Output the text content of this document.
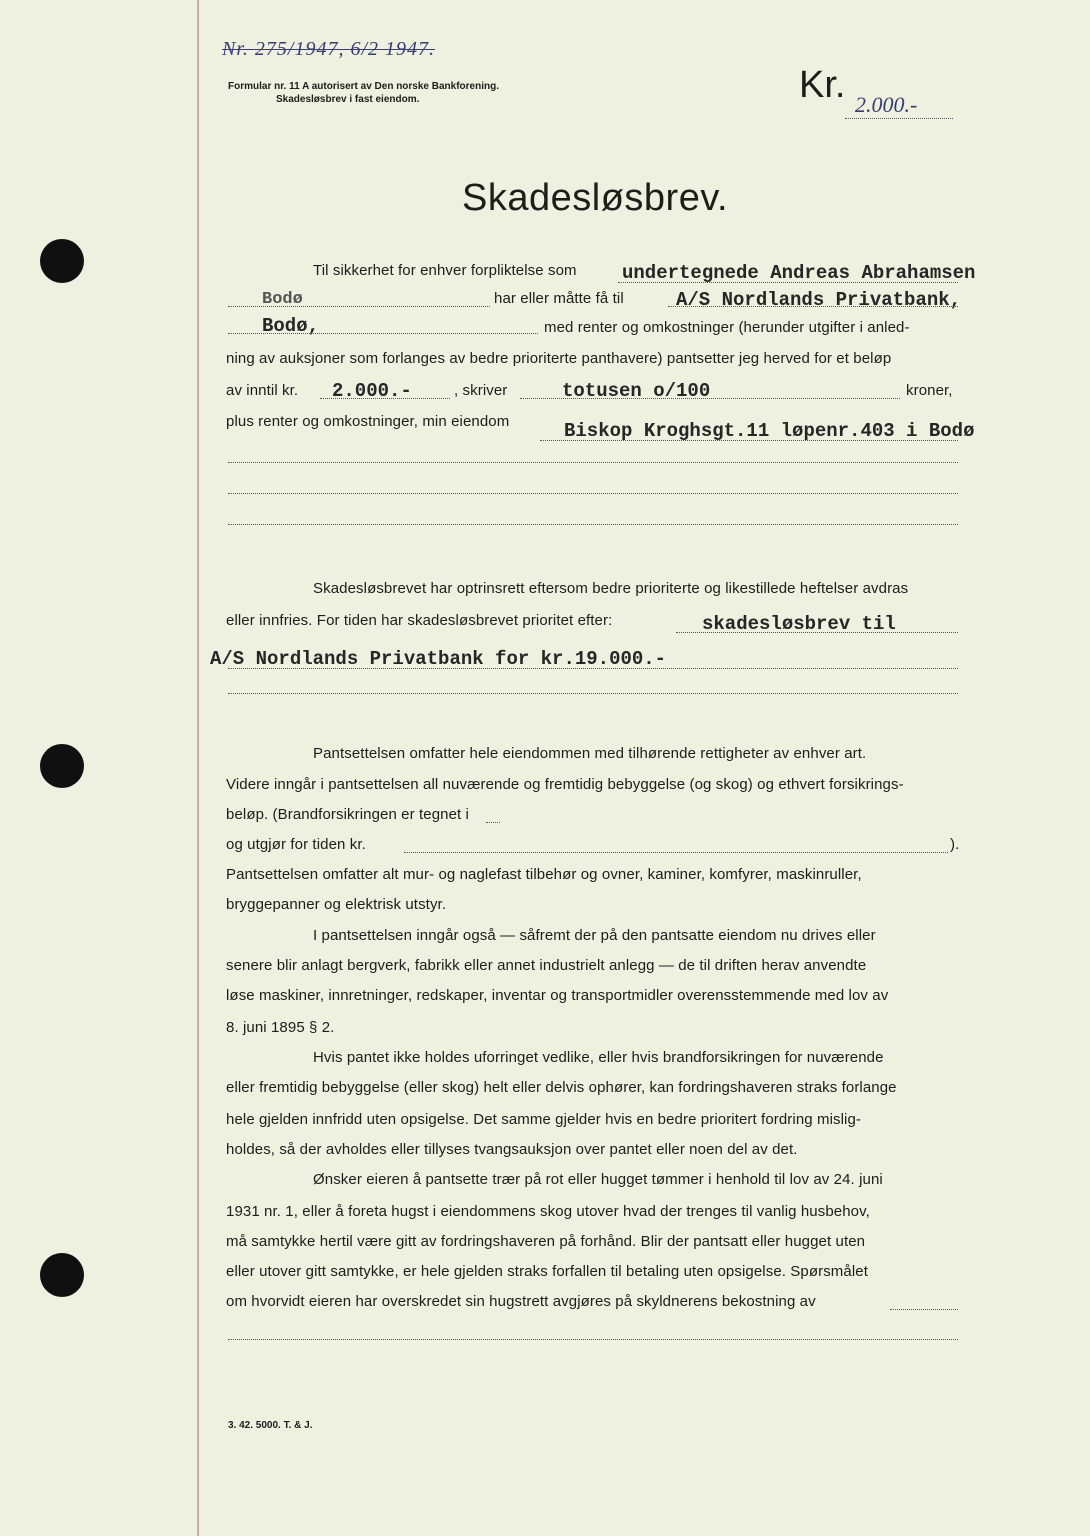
Nr. 275/1947, 6/2 1947.
Formular nr. 11 A autorisert av Den norske Bankforening.
Skadesløsbrev i fast eiendom.	Kr. 2.000.-
Skadesløsbrev.
Til sikkerhet for enhver forpliktelse som undertegnede Andreas Abrahamsen
Bodø	har eller måtte få til	A/S Nordlands Privatbank,
Bodø,	med renter og omkostninger (herunder utgifter i anled-
ning av auksjoner som forlanges av bedre prioriterte panthavere) pantsetter jeg herved for et beløp
av inntil kr. 2.000.-	, skriver	totusen o/100	kroner,
plus renter og omkostninger, min eiendom	Biskop Kroghsgt.11 løpenr.403 i Bodø
Skadesløsbrevet har optrinsrett eftersom bedre prioriterte og likestillede heftelser avdras
eller innfries. For tiden har skadesløsbrevet prioritet efter:	skadesløsbrev til
A/S Nordlands Privatbank for kr.19.000.-
Pantsettelsen omfatter hele eiendommen med tilhørende rettigheter av enhver art.
Videre inngår i pantsettelsen all nuværende og fremtidig bebyggelse (og skog) og ethvert forsikrings-
beløp. (Brandforsikringen er tegnet i
og utgjør for tiden kr.	).
Pantsettelsen omfatter alt mur- og naglefast tilbehør og ovner, kaminer, komfyrer, maskinruller,
bryggepanner og elektrisk utstyr.
I pantsettelsen inngår også — såfremt der på den pantsatte eiendom nu drives eller
senere blir anlagt bergverk, fabrikk eller annet industrielt anlegg — de til driften herav anvendte
løse maskiner, innretninger, redskaper, inventar og transportmidler overensstemmende med lov av
8. juni 1895 § 2.
Hvis pantet ikke holdes uforringet vedlike, eller hvis brandforsikringen for nuværende
eller fremtidig bebyggelse (eller skog) helt eller delvis ophører, kan fordringshaveren straks forlange
hele gjelden innfridd uten opsigelse. Det samme gjelder hvis en bedre prioritert fordring mislig-
holdes, så der avholdes eller tillyses tvangsauksjon over pantet eller noen del av det.
Ønsker eieren å pantsette trær på rot eller hugget tømmer i henhold til lov av 24. juni
1931 nr. 1, eller å foreta hugst i eiendommens skog utover hvad der trenges til vanlig husbehov,
må samtykke hertil være gitt av fordringshaveren på forhånd. Blir der pantsatt eller hugget uten
eller utover gitt samtykke, er hele gjelden straks forfallen til betaling uten opsigelse. Spørsmålet
om hvorvidt eieren har overskredet sin hugstrett avgjøres på skyldnerens bekostning av
3. 42. 5000. T. & J.
